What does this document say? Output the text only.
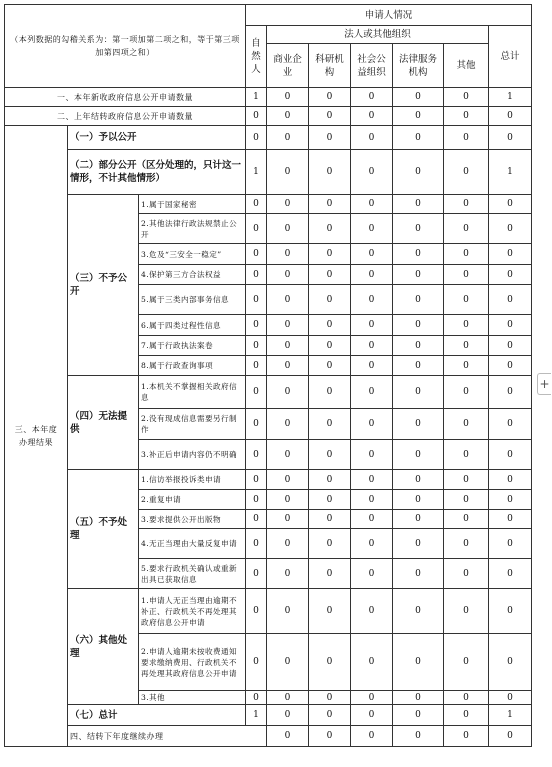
（本列数据的勾稽关系为：第一项加第二项之和，等于第三项加第四项之和）			申请人情况							
			自然人	法人或其他组织					总计	
				商业企业	科研机构	社会公益组织	法律服务机构	其他		
一、本年新收政府信息公开申请数量			1	0	0	0	0	0	1	
二、上年结转政府信息公开申请数量			0	0	0	0	0	0	0	
三、本年度办理结果	（一）予以公开		0	0	0	0	0	0	0	
	（二）部分公开（区分处理的，只计这一情形，不计其他情形）		1	0	0	0	0	0	1	
	（三）不予公开	1.属于国家秘密	0	0	0	0	0	0	0	
		2.其他法律行政法规禁止公开	0	0	0	0	0	0	0	
		3.危及“三安全一稳定”	0	0	0	0	0	0	0	
		4.保护第三方合法权益	0	0	0	0	0	0	0	
		5.属于三类内部事务信息	0	0	0	0	0	0	0	
		6.属于四类过程性信息	0	0	0	0	0	0	0	
		7.属于行政执法案卷	0	0	0	0	0	0	0	
		8.属于行政查询事项	0	0	0	0	0	0	0	
	（四）无法提供	1.本机关不掌握相关政府信息	0	0	0	0	0	0	0	
		2.没有现成信息需要另行制作	0	0	0	0	0	0	0	
		3.补正后申请内容仍不明确	0	0	0	0	0	0	0	
	（五）不予处理	1.信访举报投诉类申请	0	0	0	0	0	0	0	
		2.重复申请	0	0	0	0	0	0	0	
		3.要求提供公开出版物	0	0	0	0	0	0	0	
		4.无正当理由大量反复申请	0	0	0	0	0	0	0	
		5.要求行政机关确认或重新出具已获取信息	0	0	0	0	0	0	0	
	（六）其他处理	1.申请人无正当理由逾期不补正、行政机关不再处理其政府信息公开申请	0	0	0	0	0	0	0	
		2.申请人逾期未按收费通知要求缴纳费用、行政机关不再处理其政府信息公开申请	0	0	0	0	0	0	0	
		3.其他	0	0	0	0	0	0	0	
	（七）总计		1	0	0	0	0	0	1	
	四、结转下年度继续办理			0	0	0	0	0	0	
+
